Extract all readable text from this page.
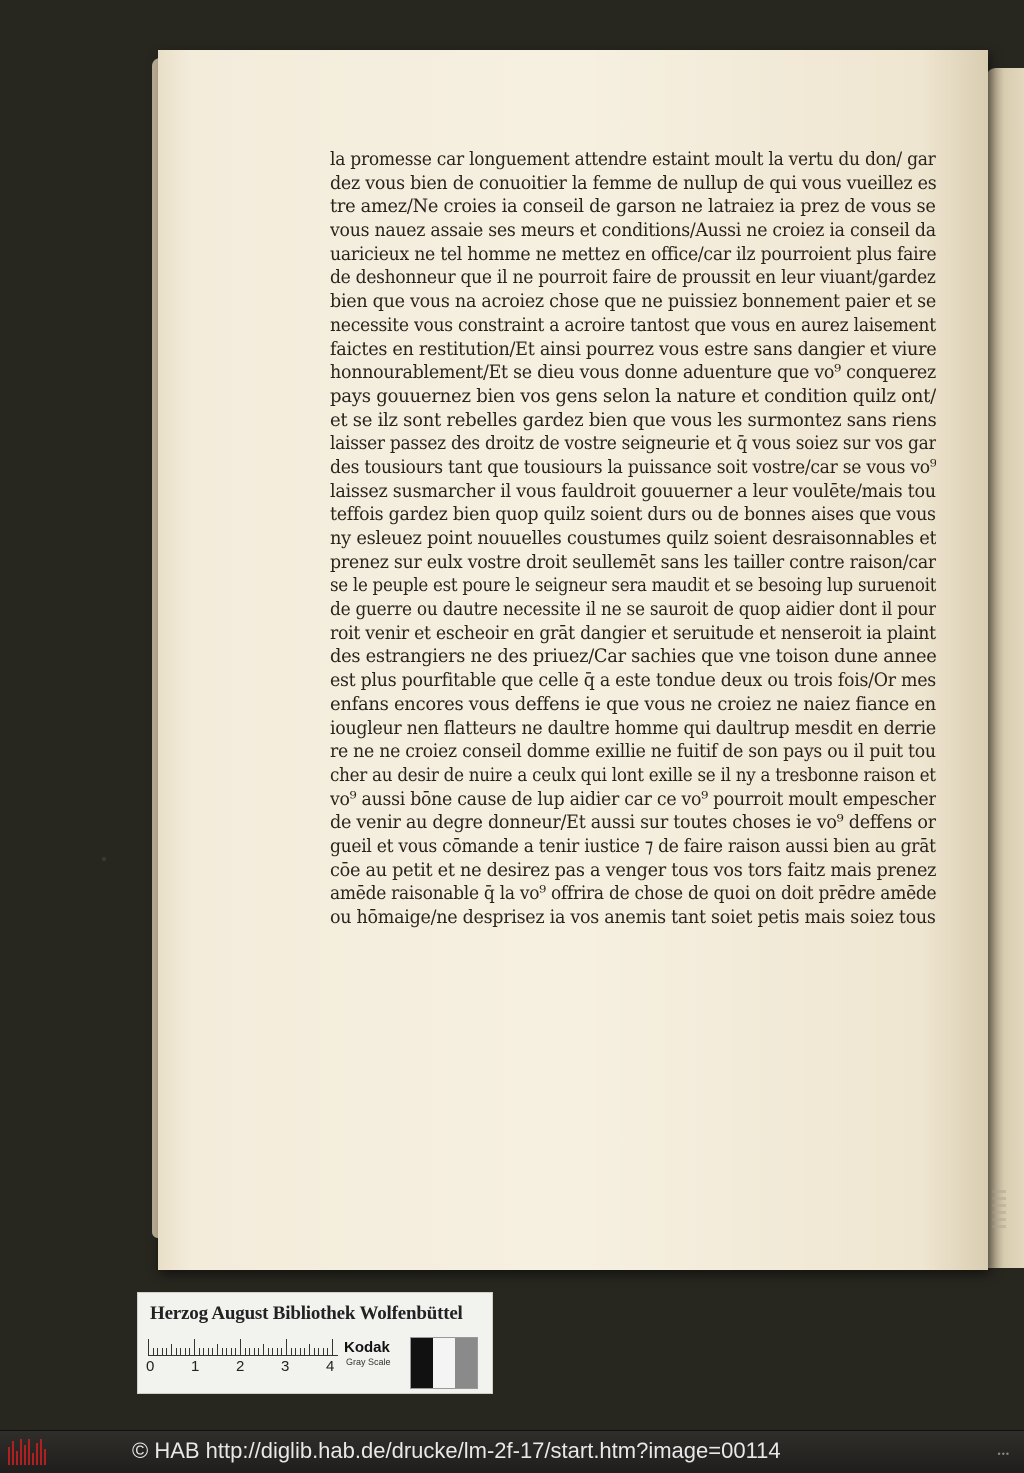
la promesse car longuement attendre estaint moult la vertu du don/ gar
dez vous bien de conuoitier la femme de nullup de qui vous vueillez es
tre amez/Ne croies ia conseil de garson ne latraiez ia prez de vous se
vous nauez assaie ses meurs et conditions/Aussi ne croiez ia conseil da
uaricieux ne tel homme ne mettez en office/car ilz pourroient plus faire
de deshonneur que il ne pourroit faire de proussit en leur viuant/gardez
bien que vous na acroiez chose que ne puissiez bonnement paier et se
necessite vous constraint a acroire tantost que vous en aurez laisement
faictes en restitution/Et ainsi pourrez vous estre sans dangier et viure
honnourablement/Et se dieu vous donne aduenture que vo⁹ conquerez
pays gouuernez bien vos gens selon la nature et condition quilz ont/
et se ilz sont rebelles gardez bien que vous les surmontez sans riens
laisser passez des droitz de vostre seigneurie et q̄ vous soiez sur vos gar
des tousiours tant que tousiours la puissance soit vostre/car se vous vo⁹
laissez susmarcher il vous fauldroit gouuerner a leur voulēte/mais tou
teffois gardez bien quop quilz soient durs ou de bonnes aises que vous
ny esleuez point nouuelles coustumes quilz soient desraisonnables et
prenez sur eulx vostre droit seullemēt sans les tailler contre raison/car
se le peuple est poure le seigneur sera maudit et se besoing lup suruenoit
de guerre ou dautre necessite il ne se sauroit de quop aidier dont il pour
roit venir et escheoir en grāt dangier et seruitude et nenseroit ia plaint
des estrangiers ne des priuez/Car sachies que vne toison dune annee
est plus pourfitable que celle q̄ a este tondue deux ou trois fois/Or mes
enfans encores vous deffens ie que vous ne croiez ne naiez fiance en
iougleur nen flatteurs ne daultre homme qui daultrup mesdit en derrie
re ne ne croiez conseil domme exillie ne fuitif de son pays ou il puit tou
cher au desir de nuire a ceulx qui lont exille se il ny a tresbonne raison et
vo⁹ aussi bōne cause de lup aidier car ce vo⁹ pourroit moult empescher
de venir au degre donneur/Et aussi sur toutes choses ie vo⁹ deffens or
gueil et vous cōmande a tenir iustice ⁊ de faire raison aussi bien au grāt
cōe au petit et ne desirez pas a venger tous vos tors faitz mais prenez
amēde raisonable q̄ la vo⁹ offrira de chose de quoi on doit prēdre amēde
ou hōmaige/ne desprisez ia vos anemis tant soiet petis mais soiez tous
Herzog August Bibliothek Wolfenbüttel
0 1 2 3 4
Kodak
Gray Scale
© HAB http://diglib.hab.de/drucke/lm-2f-17/start.htm?image=00114	•••
